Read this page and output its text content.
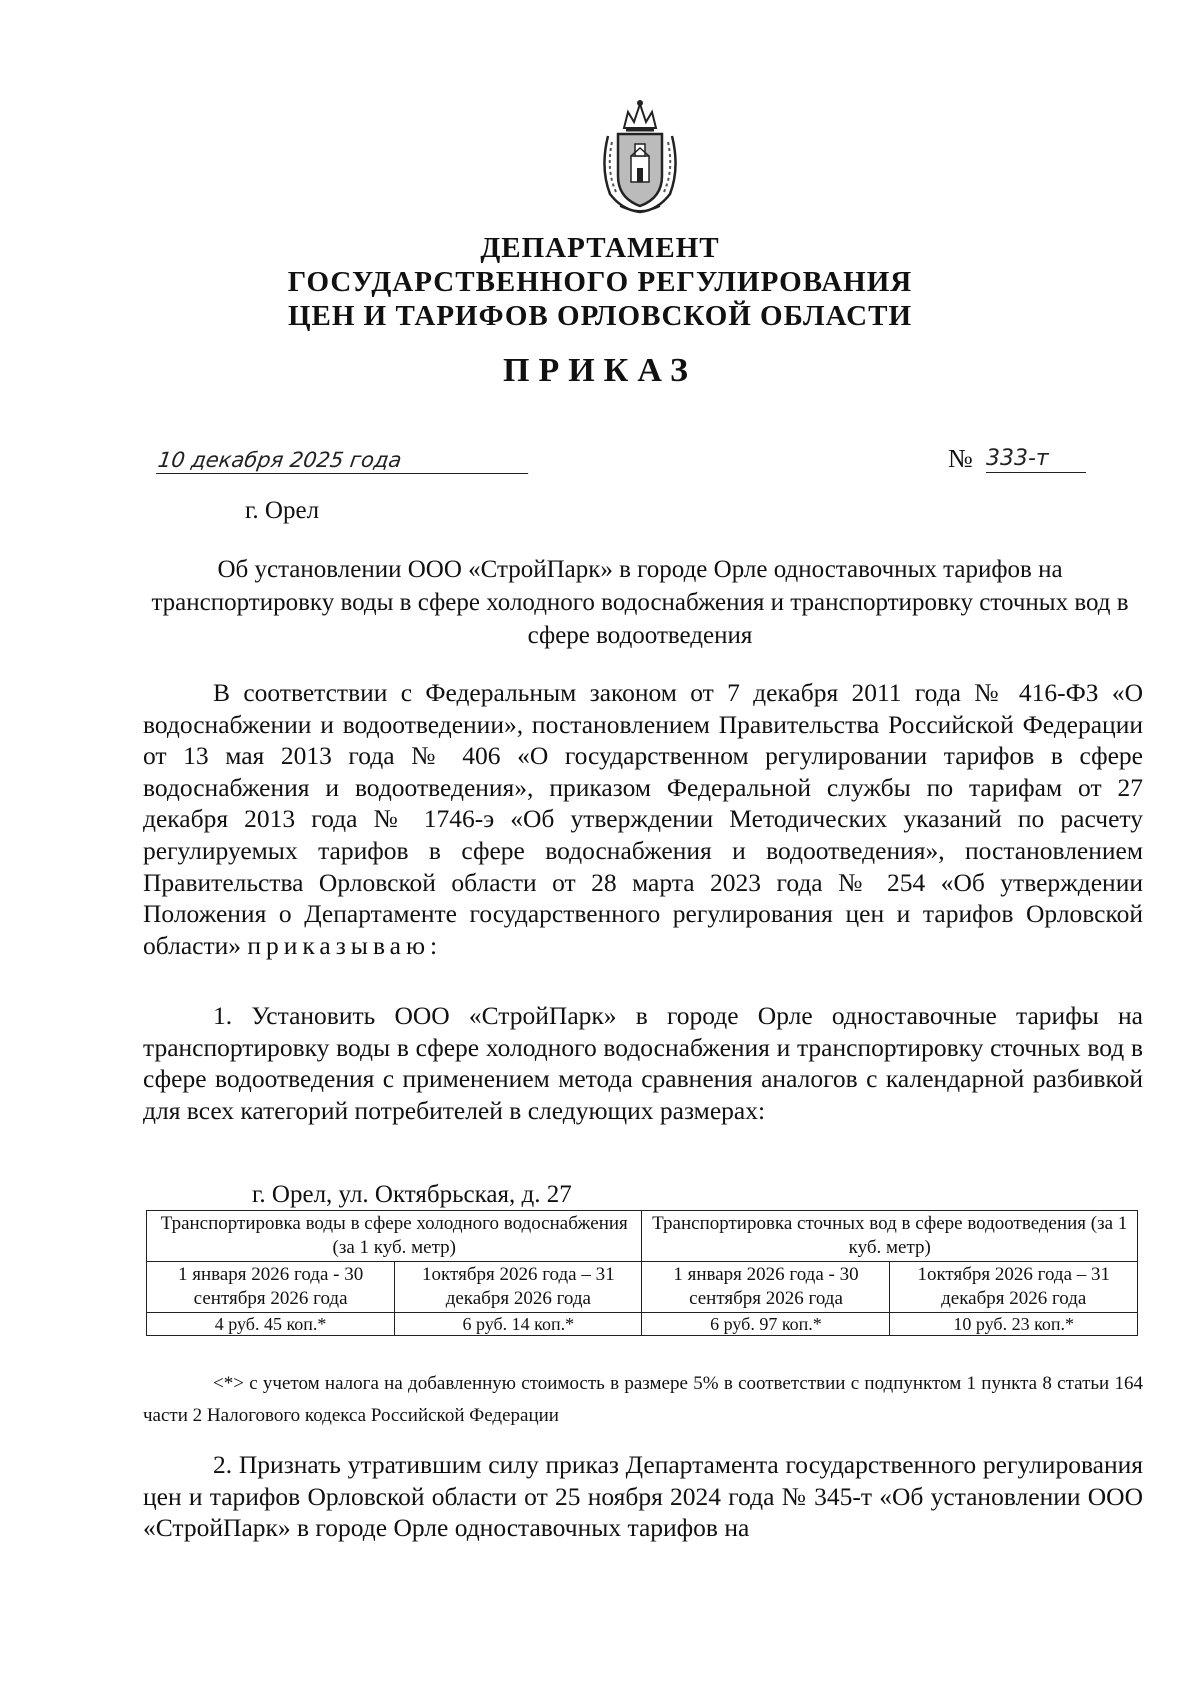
ДЕПАРТАМЕНТ
ГОСУДАРСТВЕННОГО РЕГУЛИРОВАНИЯ
ЦЕН И ТАРИФОВ ОРЛОВСКОЙ ОБЛАСТИ
ПРИКАЗ
10 декабря 2025 года	№ 333-т
г. Орел
Об установлении ООО «СтройПарк» в городе Орле одноставочных тарифов на транспортировку воды в сфере холодного водоснабжения и транспортировку сточных вод в сфере водоотведения

В соответствии с Федеральным законом от 7 декабря 2011 года № 416-ФЗ «О водоснабжении и водоотведении», постановлением Правительства Российской Федерации от 13 мая 2013 года № 406 «О государственном регулировании тарифов в сфере водоснабжения и водоотведения», приказом Федеральной службы по тарифам от 27 декабря 2013 года № 1746-э «Об утверждении Методических указаний по расчету регулируемых тарифов в сфере водоснабжения и водоотведения», постановлением Правительства Орловской области от 28 марта 2023 года № 254 «Об утверждении Положения о Департаменте государственного регулирования цен и тарифов Орловской области» приказываю:

1. Установить ООО «СтройПарк» в городе Орле одноставочные тарифы на транспортировку воды в сфере холодного водоснабжения и транспортировку сточных вод в сфере водоотведения с применением метода сравнения аналогов с календарной разбивкой для всех категорий потребителей в следующих размерах:

г. Орел, ул. Октябрьская, д. 27
Транспортировка воды в сфере холодного водоснабжения (за 1 куб. метр)		Транспортировка сточных вод в сфере водоотведения (за 1 куб. метр)	
1 января 2026 года - 30 сентября 2026 года	1октября 2026 года – 31 декабря 2026 года	1 января 2026 года - 30 сентября 2026 года	1октября 2026 года – 31 декабря 2026 года
4 руб. 45 коп.*	6 руб. 14 коп.*	6 руб. 97 коп.*	10 руб. 23 коп.*

<*> с учетом налога на добавленную стоимость в размере 5% в соответствии с подпунктом 1 пункта 8 статьи 164 части 2 Налогового кодекса Российской Федерации

2. Признать утратившим силу приказ Департамента государственного регулирования цен и тарифов Орловской области от 25 ноября 2024 года № 345-т «Об установлении ООО «СтройПарк» в городе Орле одноставочных тарифов на
